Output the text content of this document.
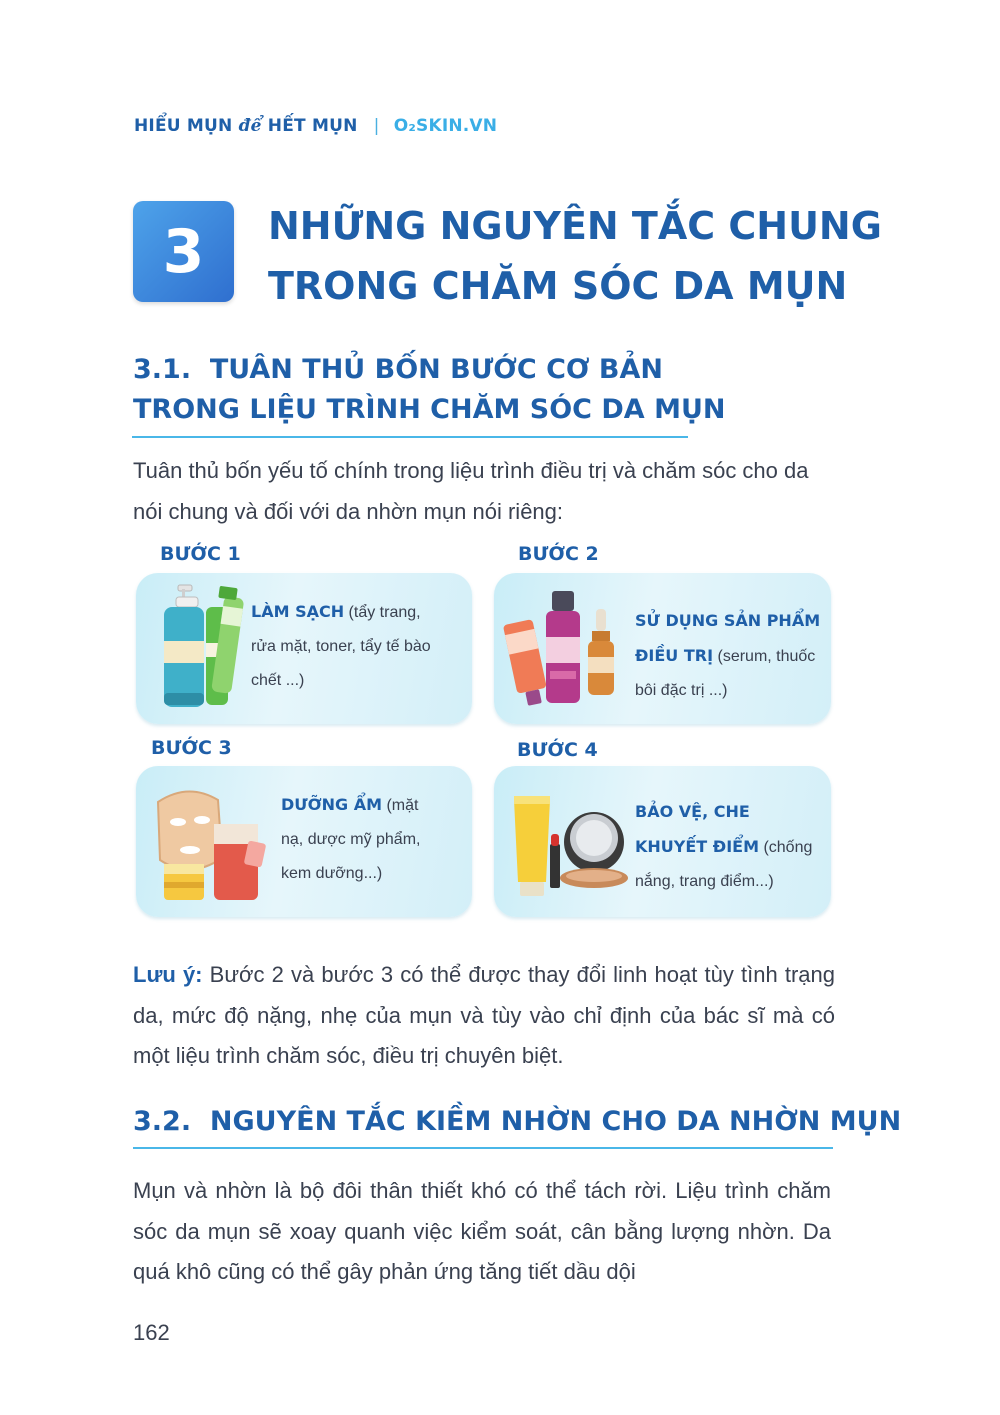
HIỂU MỤN để HẾT MỤN | O₂SKIN.VN
3 NHỮNG NGUYÊN TẮC CHUNG
TRONG CHĂM SÓC DA MỤN
3.1.  TUÂN THỦ BỐN BƯỚC CƠ BẢN
TRONG LIỆU TRÌNH CHĂM SÓC DA MỤN
Tuân thủ bốn yếu tố chính trong liệu trình điều trị và chăm sóc cho da nói chung và đối với da nhờn mụn nói riêng:
BƯỚC 1	BƯỚC 2
BƯỚC 3	BƯỚC 4
LÀM SẠCH (tẩy trang,
rửa mặt, toner, tẩy tế bào
chết ...)
SỬ DỤNG SẢN PHẨM
ĐIỀU TRỊ (serum, thuốc
bôi đặc trị ...)
DƯỠNG ẨM (mặt
nạ, dược mỹ phẩm,
kem dưỡng...)
BẢO VỆ, CHE
KHUYẾT ĐIỂM (chống
nắng, trang điểm...)
Lưu ý: Bước 2 và bước 3 có thể được thay đổi linh hoạt tùy tình trạng da, mức độ nặng, nhẹ của mụn và tùy vào chỉ định của bác sĩ mà có một liệu trình chăm sóc, điều trị chuyên biệt.
3.2.  NGUYÊN TẮC KIỀM NHỜN CHO DA NHỜN MỤN
Mụn và nhờn là bộ đôi thân thiết khó có thể tách rời. Liệu trình chăm sóc da mụn sẽ xoay quanh việc kiểm soát, cân bằng lượng nhờn. Da quá khô cũng có thể gây phản ứng tăng tiết dầu dội
162
